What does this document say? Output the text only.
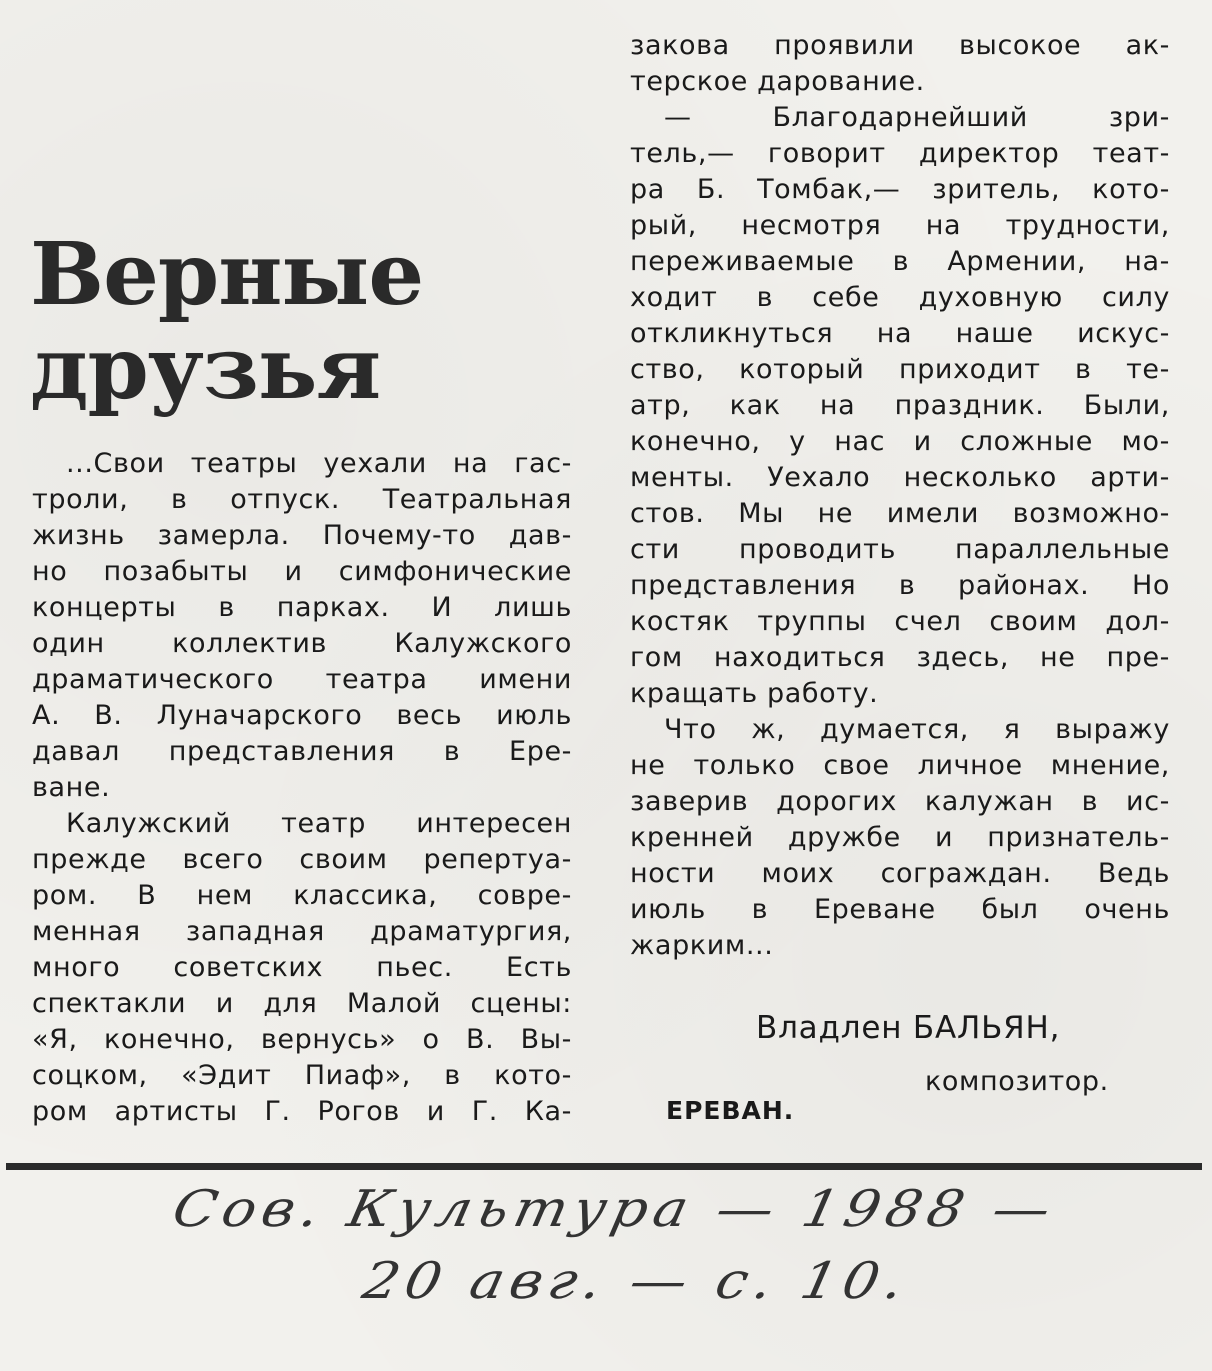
Верные
друзья
...Свои театры уехали на гас-
троли, в отпуск. Театральная
жизнь замерла. Почему-то дав-
но позабыты и симфонические
концерты в парках. И лишь
один коллектив Калужского
драматического театра имени
А. В. Луначарского весь июль
давал представления в Ере-
ване.
Калужский театр интересен
прежде всего своим репертуа-
ром. В нем классика, совре-
менная западная драматургия,
много советских пьес. Есть
спектакли и для Малой сцены:
«Я, конечно, вернусь» о В. Вы-
соцком, «Эдит Пиаф», в кото-
ром артисты Г. Рогов и Г. Ка-
закова проявили высокое ак-
терское дарование.
— Благодарнейший зри-
тель,— говорит директор теат-
ра Б. Томбак,— зритель, кото-
рый, несмотря на трудности,
переживаемые в Армении, на-
ходит в себе духовную силу
откликнуться на наше искус-
ство, который приходит в те-
атр, как на праздник. Были,
конечно, у нас и сложные мо-
менты. Уехало несколько арти-
стов. Мы не имели возможно-
сти проводить параллельные
представления в районах. Но
костяк труппы счел своим дол-
гом находиться здесь, не пре-
кращать работу.
Что ж, думается, я выражу
не только свое личное мнение,
заверив дорогих калужан в ис-
кренней дружбе и признатель-
ности моих сограждан. Ведь
июль в Ереване был очень
жарким...
Владлен БАЛЬЯН,
композитор.
ЕРЕВАН.
Сов. Культура — 1988 —
20 авг. — с. 10.
